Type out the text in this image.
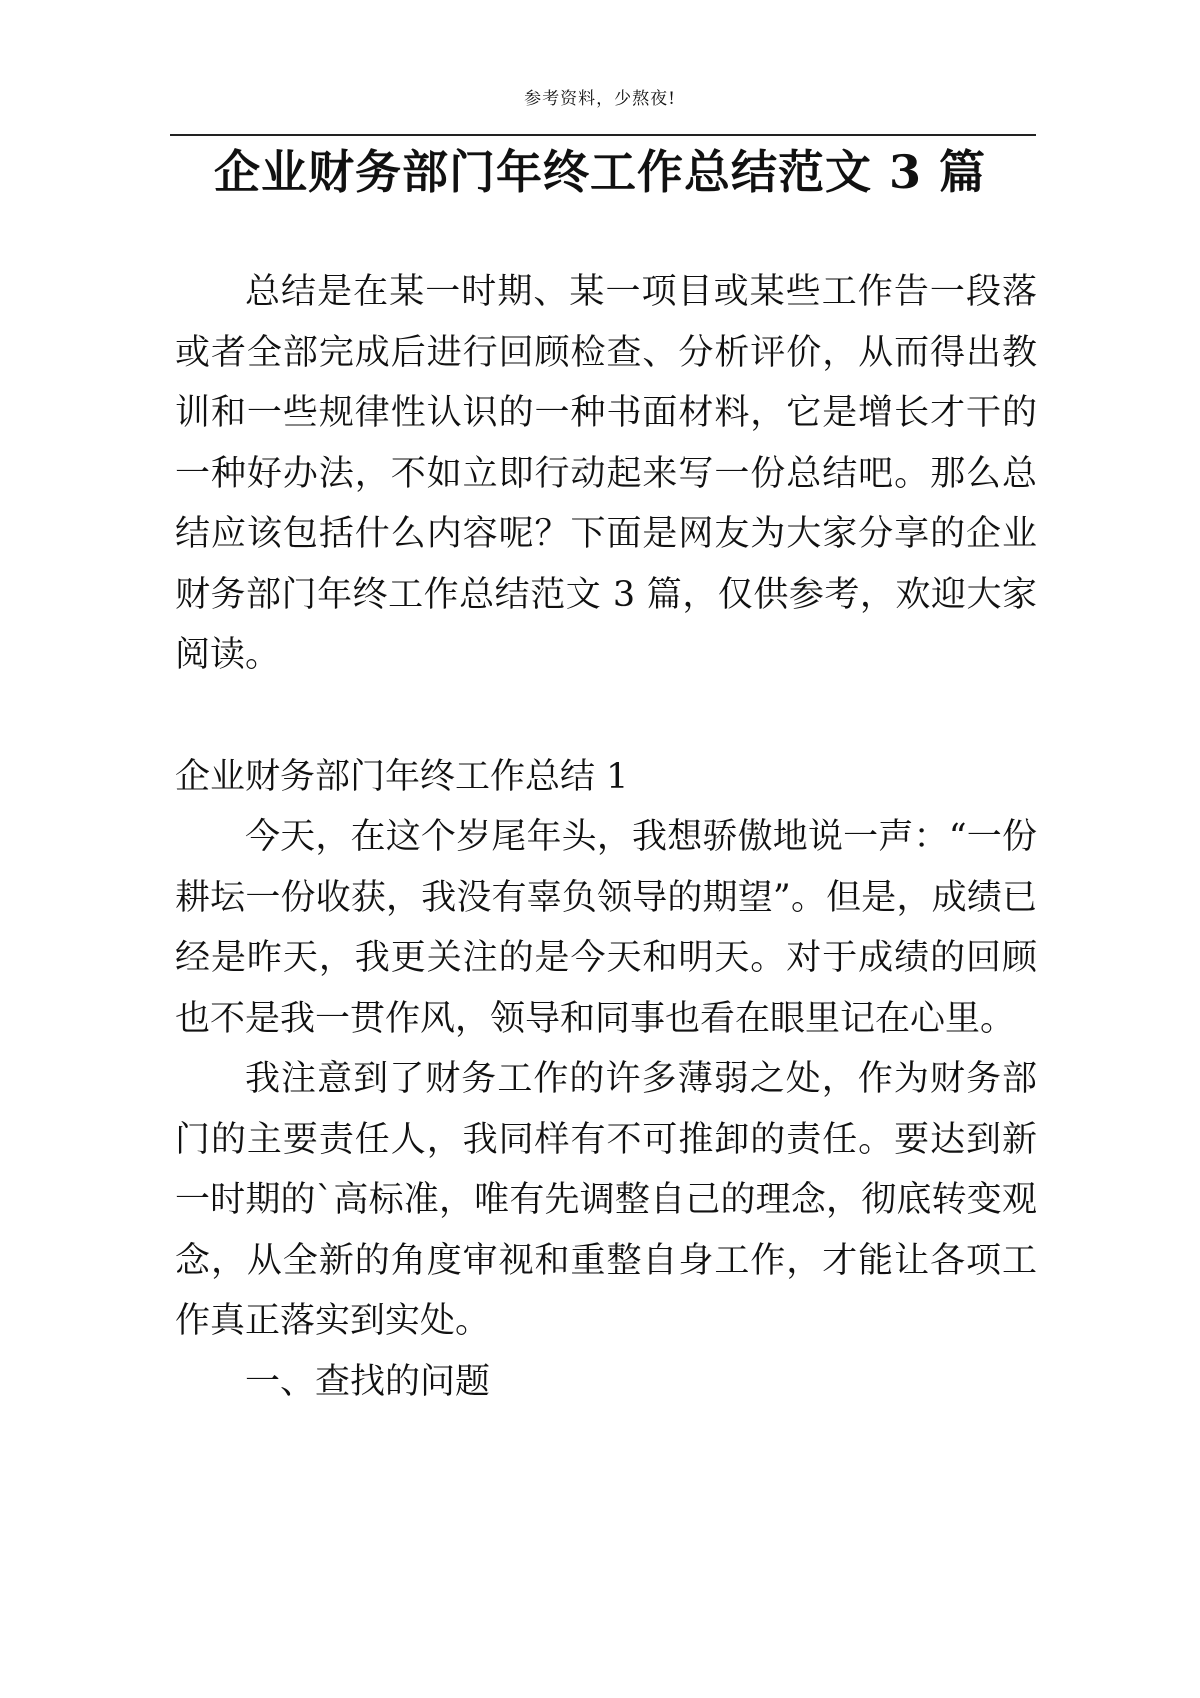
参考资料，少熬夜!
企业财务部门年终工作总结范文 3 篇

总结是在某一时期、某一项目或某些工作告一段落或者全部完成后进行回顾检查、分析评价，从而得出教训和一些规律性认识的一种书面材料，它是增长才干的一种好办法，不如立即行动起来写一份总结吧。那么总结应该包括什么内容呢？下面是网友为大家分享的企业财务部门年终工作总结范文 3 篇，仅供参考，欢迎大家阅读。

企业财务部门年终工作总结 1

今天，在这个岁尾年头，我想骄傲地说一声：“一份耕坛一份收获，我没有辜负领导的期望”。但是，成绩已经是昨天，我更关注的是今天和明天。对于成绩的回顾也不是我一贯作风，领导和同事也看在眼里记在心里。

我注意到了财务工作的许多薄弱之处，作为财务部门的主要责任人，我同样有不可推卸的责任。要达到新一时期的`高标准，唯有先调整自己的理念，彻底转变观念，从全新的角度审视和重整自身工作，才能让各项工作真正落实到实处。

一、查找的问题
